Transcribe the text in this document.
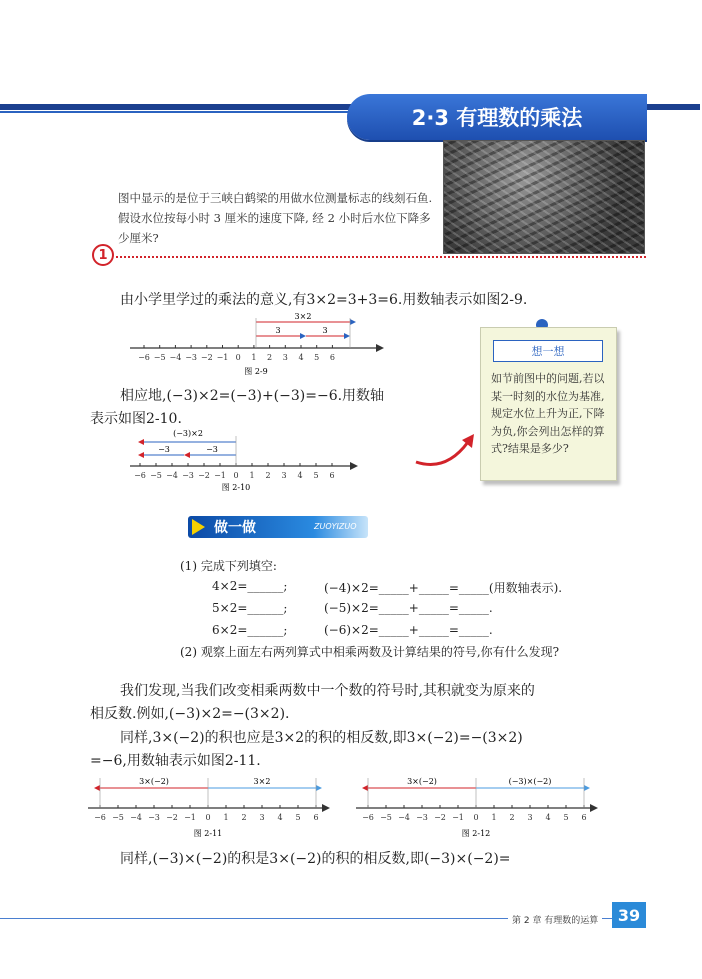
2·3 有理数的乘法
图中显示的是位于三峡白鹤梁的用做水位测量标志的线刻石鱼. 假设水位按每小时 3 厘米的速度下降, 经 2 小时后水位下降多少厘米?
1
由小学里学过的乘法的意义,有3×2=3+3=6.用数轴表示如图2-9.
−6 −5 −4 −3 −2 −1 0 1 2 3 4 5 6
3×2
3	3
图 2-9
相应地,(−3)×2=(−3)+(−3)=−6.用数轴
表示如图2-10.
−6 −5 −4 −3 −2 −1 0 1 2 3 4 5 6
(−3)×2
−3	−3
图 2-10
想一想
如节前图中的问题,若以某一时刻的水位为基准,规定水位上升为正,下降为负,你会列出怎样的算式?结果是多少?
做一做	ZUOYIZUO
(1) 完成下列填空:
4×2=______;	(−4)×2=_____+_____=_____(用数轴表示).
5×2=______;	(−5)×2=_____+_____=_____.
6×2=______;	(−6)×2=_____+_____=_____.
(2) 观察上面左右两列算式中相乘两数及计算结果的符号,你有什么发现?
我们发现,当我们改变相乘两数中一个数的符号时,其积就变为原来的
相反数.例如,(−3)×2=−(3×2).
同样,3×(−2)的积也应是3×2的积的相反数,即3×(−2)=−(3×2)
=−6,用数轴表示如图2-11.
−6 −5 −4 −3 −2 −1 0 1 2 3 4 5 6
3×(−2)	3×2
图 2-11
−6 −5 −4 −3 −2 −1 0 1 2 3 4 5 6
3×(−2)	(−3)×(−2)
图 2-12
同样,(−3)×(−2)的积是3×(−2)的积的相反数,即(−3)×(−2)=
第 2 章 有理数的运算	39
